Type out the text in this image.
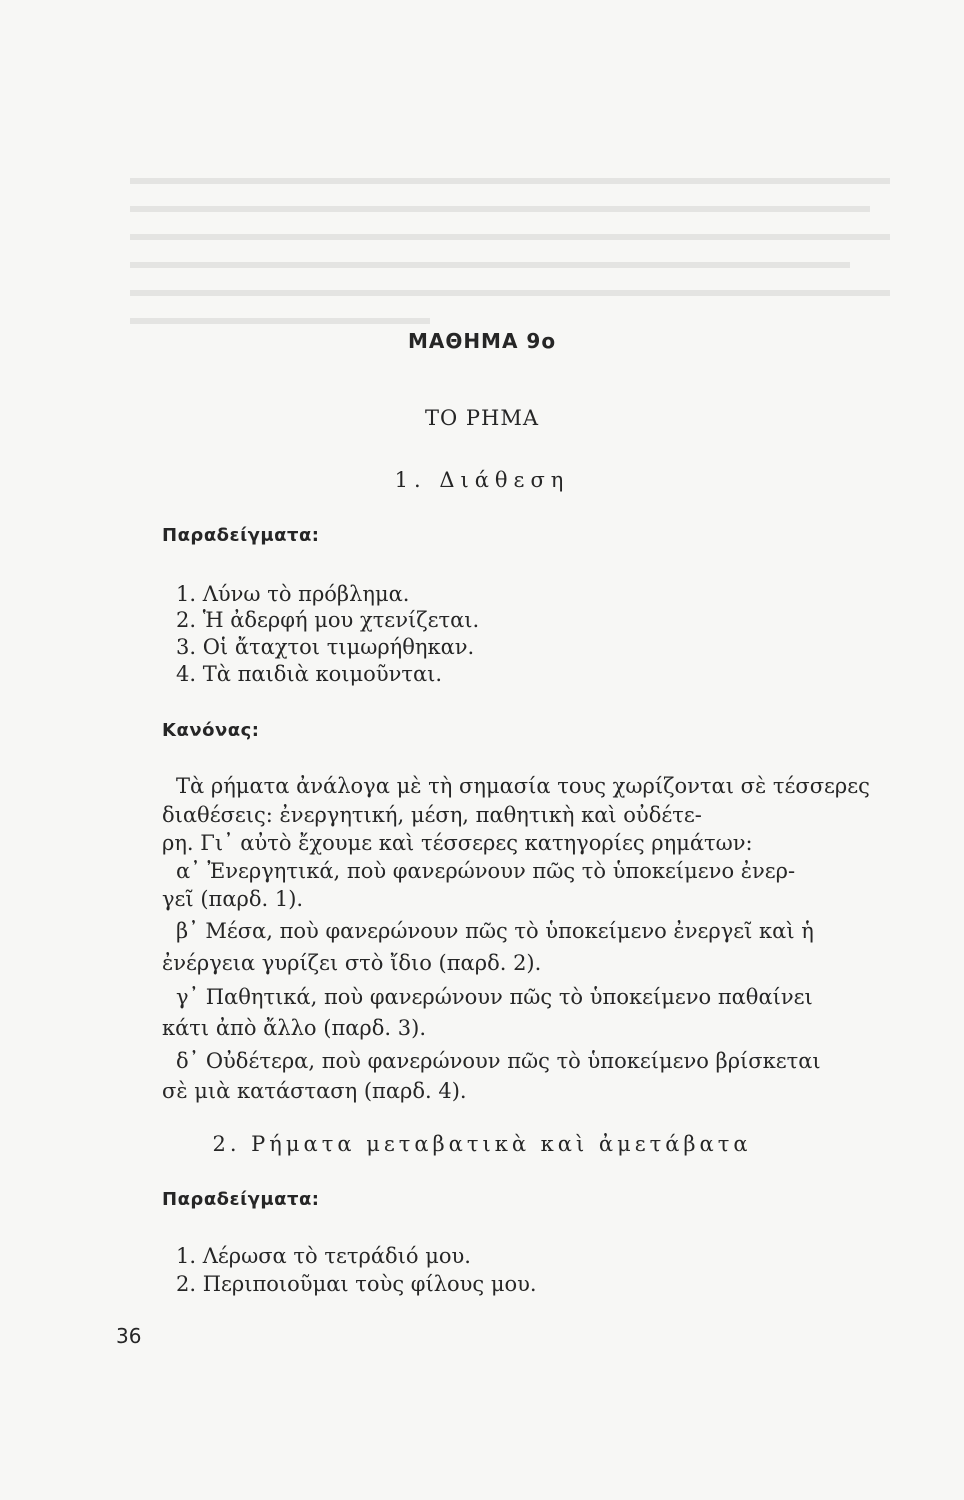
ΜΑΘΗΜΑ 9ο
ΤΟ ΡΗΜΑ
1. Διάθεση
Παραδείγματα:
1. Λύνω τὸ πρόβλημα.
2. Ἡ ἀδερφή μου χτενίζεται.
3. Οἱ ἄταχτοι τιμωρήθηκαν.
4. Τὰ παιδιὰ κοιμοῦνται.
Κανόνας:
Τὰ ρήματα ἀνάλογα μὲ τὴ σημασία τους χωρίζονται σὲ τέσσερες
διαθέσεις: ἐνεργητική, μέση, παθητικὴ καὶ οὐδέτε-
ρη. Γι᾽ αὐτὸ ἔχουμε καὶ τέσσερες κατηγορίες ρημάτων:
α᾽ Ἐνεργητικά, ποὺ φανερώνουν πῶς τὸ ὑποκείμενο ἐνερ-
γεῖ (παρδ. 1).
β᾽ Μέσα, ποὺ φανερώνουν πῶς τὸ ὑποκείμενο ἐνεργεῖ καὶ ἡ
ἐνέργεια γυρίζει στὸ ἴδιο (παρδ. 2).
γ᾽ Παθητικά, ποὺ φανερώνουν πῶς τὸ ὑποκείμενο παθαίνει
κάτι ἀπὸ ἄλλο (παρδ. 3).
δ᾽ Οὐδέτερα, ποὺ φανερώνουν πῶς τὸ ὑποκείμενο βρίσκεται
σὲ μιὰ κατάσταση (παρδ. 4).
2. Ρήματα μεταβατικὰ καὶ ἀμετάβατα
Παραδείγματα:
1. Λέρωσα τὸ τετράδιό μου.
2. Περιποιοῦμαι τοὺς φίλους μου.
36
